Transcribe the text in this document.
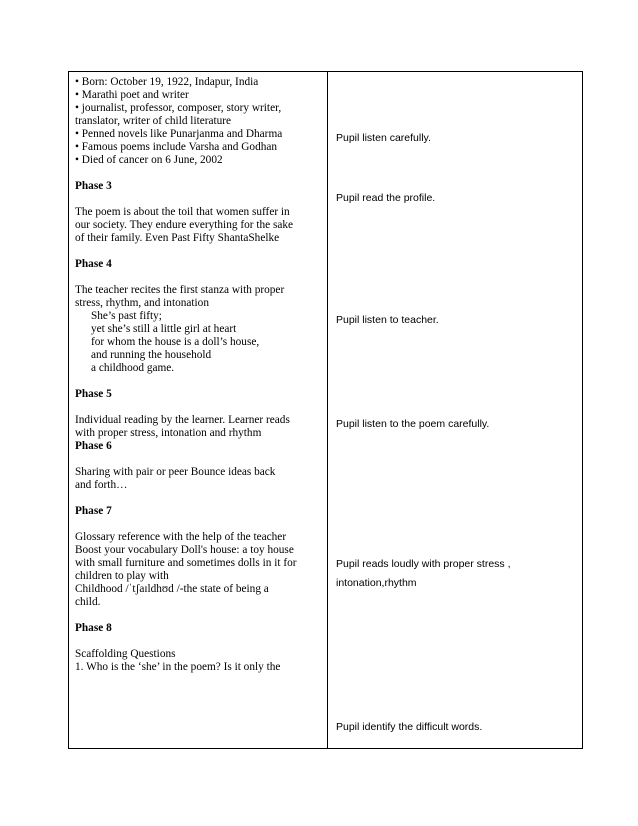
• Born: October 19, 1922, Indapur, India
• Marathi poet and writer
• journalist, professor, composer, story writer,
translator, writer of child literature
• Penned novels like Punarjanma and Dharma
• Famous poems include Varsha and Godhan
• Died of cancer on 6 June, 2002
Phase 3
The poem is about the toil that women suffer in
our society. They endure everything for the sake
of their family. Even Past Fifty ShantaShelke
Phase 4
The teacher recites the first stanza with proper
stress, rhythm, and intonation
She’s past fifty;
yet she’s still a little girl at heart
for whom the house is a doll’s house,
and running the household
a childhood game.
Phase 5
Individual reading by the learner. Learner reads
with proper stress, intonation and rhythm
Phase 6
Sharing with pair or peer Bounce ideas back
and forth…
Phase 7
Glossary reference with the help of the teacher
Boost your vocabulary Doll's house: a toy house
with small furniture and sometimes dolls in it for
children to play with
Childhood /ˈtʃaɪldhʊd /-the state of being a
child.
Phase 8
Scaffolding Questions
1. Who is the ‘she’ in the poem? Is it only the
Pupil listen carefully.
Pupil read the profile.
Pupil listen to teacher.
Pupil listen to the poem carefully.
Pupil reads loudly with proper stress ,
intonation,rhythm
Pupil identify the difficult words.
